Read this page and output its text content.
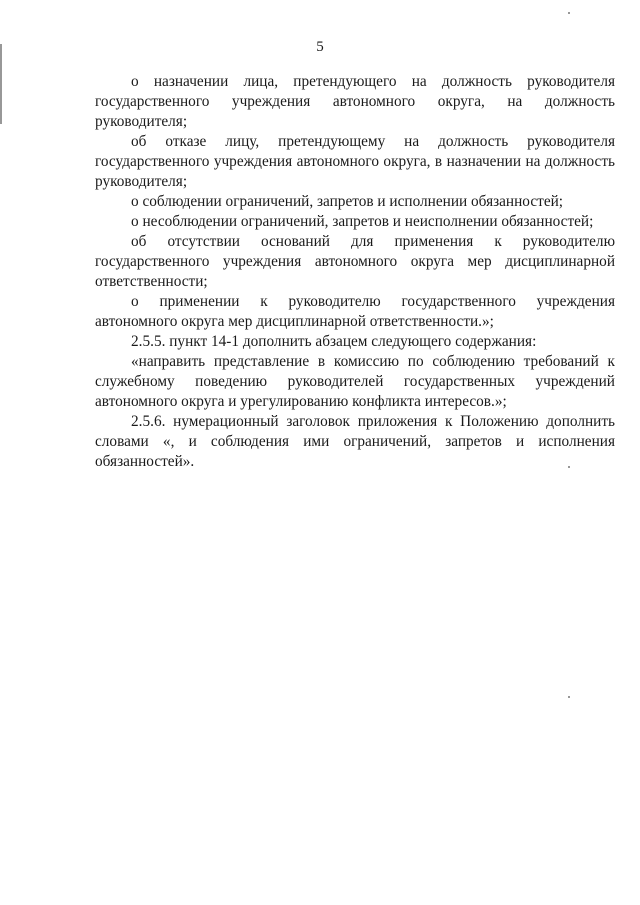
5

о назначении лица, претендующего на должность руководителя государственного учреждения автономного округа, на должность руководителя;

об отказе лицу, претендующему на должность руководителя государственного учреждения автономного округа, в назначении на должность руководителя;

о соблюдении ограничений, запретов и исполнении обязанностей;

о несоблюдении ограничений, запретов и неисполнении обязанностей;

об отсутствии оснований для применения к руководителю государственного учреждения автономного округа мер дисциплинарной ответственности;

о применении к руководителю государственного учреждения автономного округа мер дисциплинарной ответственности.»;

2.5.5. пункт 14-1 дополнить абзацем следующего содержания:

«направить представление в комиссию по соблюдению требований к служебному поведению руководителей государственных учреждений автономного округа и урегулированию конфликта интересов.»;

2.5.6. нумерационный заголовок приложения к Положению дополнить словами «, и соблюдения ими ограничений, запретов и исполнения обязанностей».
